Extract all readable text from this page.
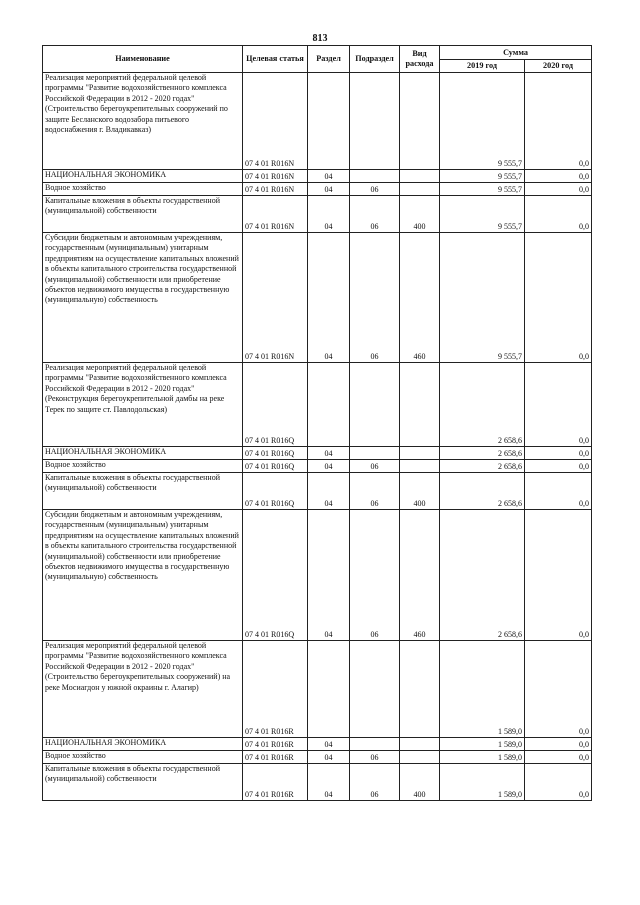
813
Наименование	Целевая статья	Раздел	Подраздел	Вид расхода	Сумма	
					2019 год	2020 год
Реализация мероприятий федеральной целевой программы "Развитие водохозяйственного комплекса Российской Федерации в 2012 - 2020 годах" (Строительство берегоукрепительных сооружений по защите Бесланского водозабора питьевого водоснабжения г. Владикавказ)	07 4 01 R016N				9 555,7	0,0
НАЦИОНАЛЬНАЯ ЭКОНОМИКА	07 4 01 R016N	04			9 555,7	0,0
Водное хозяйство	07 4 01 R016N	04	06		9 555,7	0,0
Капитальные вложения в объекты государственной (муниципальной) собственности	07 4 01 R016N	04	06	400	9 555,7	0,0
Субсидии бюджетным и автономным учреждениям, государственным (муниципальным) унитарным предприятиям на осуществление капитальных вложений в объекты капитального строительства государственной (муниципальной) собственности или приобретение объектов недвижимого имущества в государственную (муниципальную) собственность	07 4 01 R016N	04	06	460	9 555,7	0,0
Реализация мероприятий федеральной целевой программы "Развитие водохозяйственного комплекса Российской Федерации в 2012 - 2020 годах" (Реконструкция берегоукрепительной дамбы на реке Терек по защите ст. Павлодольская)	07 4 01 R016Q				2 658,6	0,0
НАЦИОНАЛЬНАЯ ЭКОНОМИКА	07 4 01 R016Q	04			2 658,6	0,0
Водное хозяйство	07 4 01 R016Q	04	06		2 658,6	0,0
Капитальные вложения в объекты государственной (муниципальной) собственности	07 4 01 R016Q	04	06	400	2 658,6	0,0
Субсидии бюджетным и автономным учреждениям, государственным (муниципальным) унитарным предприятиям на осуществление капитальных вложений в объекты капитального строительства государственной (муниципальной) собственности или приобретение объектов недвижимого имущества в государственную (муниципальную) собственность	07 4 01 R016Q	04	06	460	2 658,6	0,0
Реализация мероприятий федеральной целевой программы "Развитие водохозяйственного комплекса Российской Федерации в 2012 - 2020 годах" (Строительство берегоукрепительных сооружений) на реке Мосиагдон у южной окраины г. Алагир)	07 4 01 R016R				1 589,0	0,0
НАЦИОНАЛЬНАЯ ЭКОНОМИКА	07 4 01 R016R	04			1 589,0	0,0
Водное хозяйство	07 4 01 R016R	04	06		1 589,0	0,0
Капитальные вложения в объекты государственной (муниципальной) собственности	07 4 01 R016R	04	06	400	1 589,0	0,0
